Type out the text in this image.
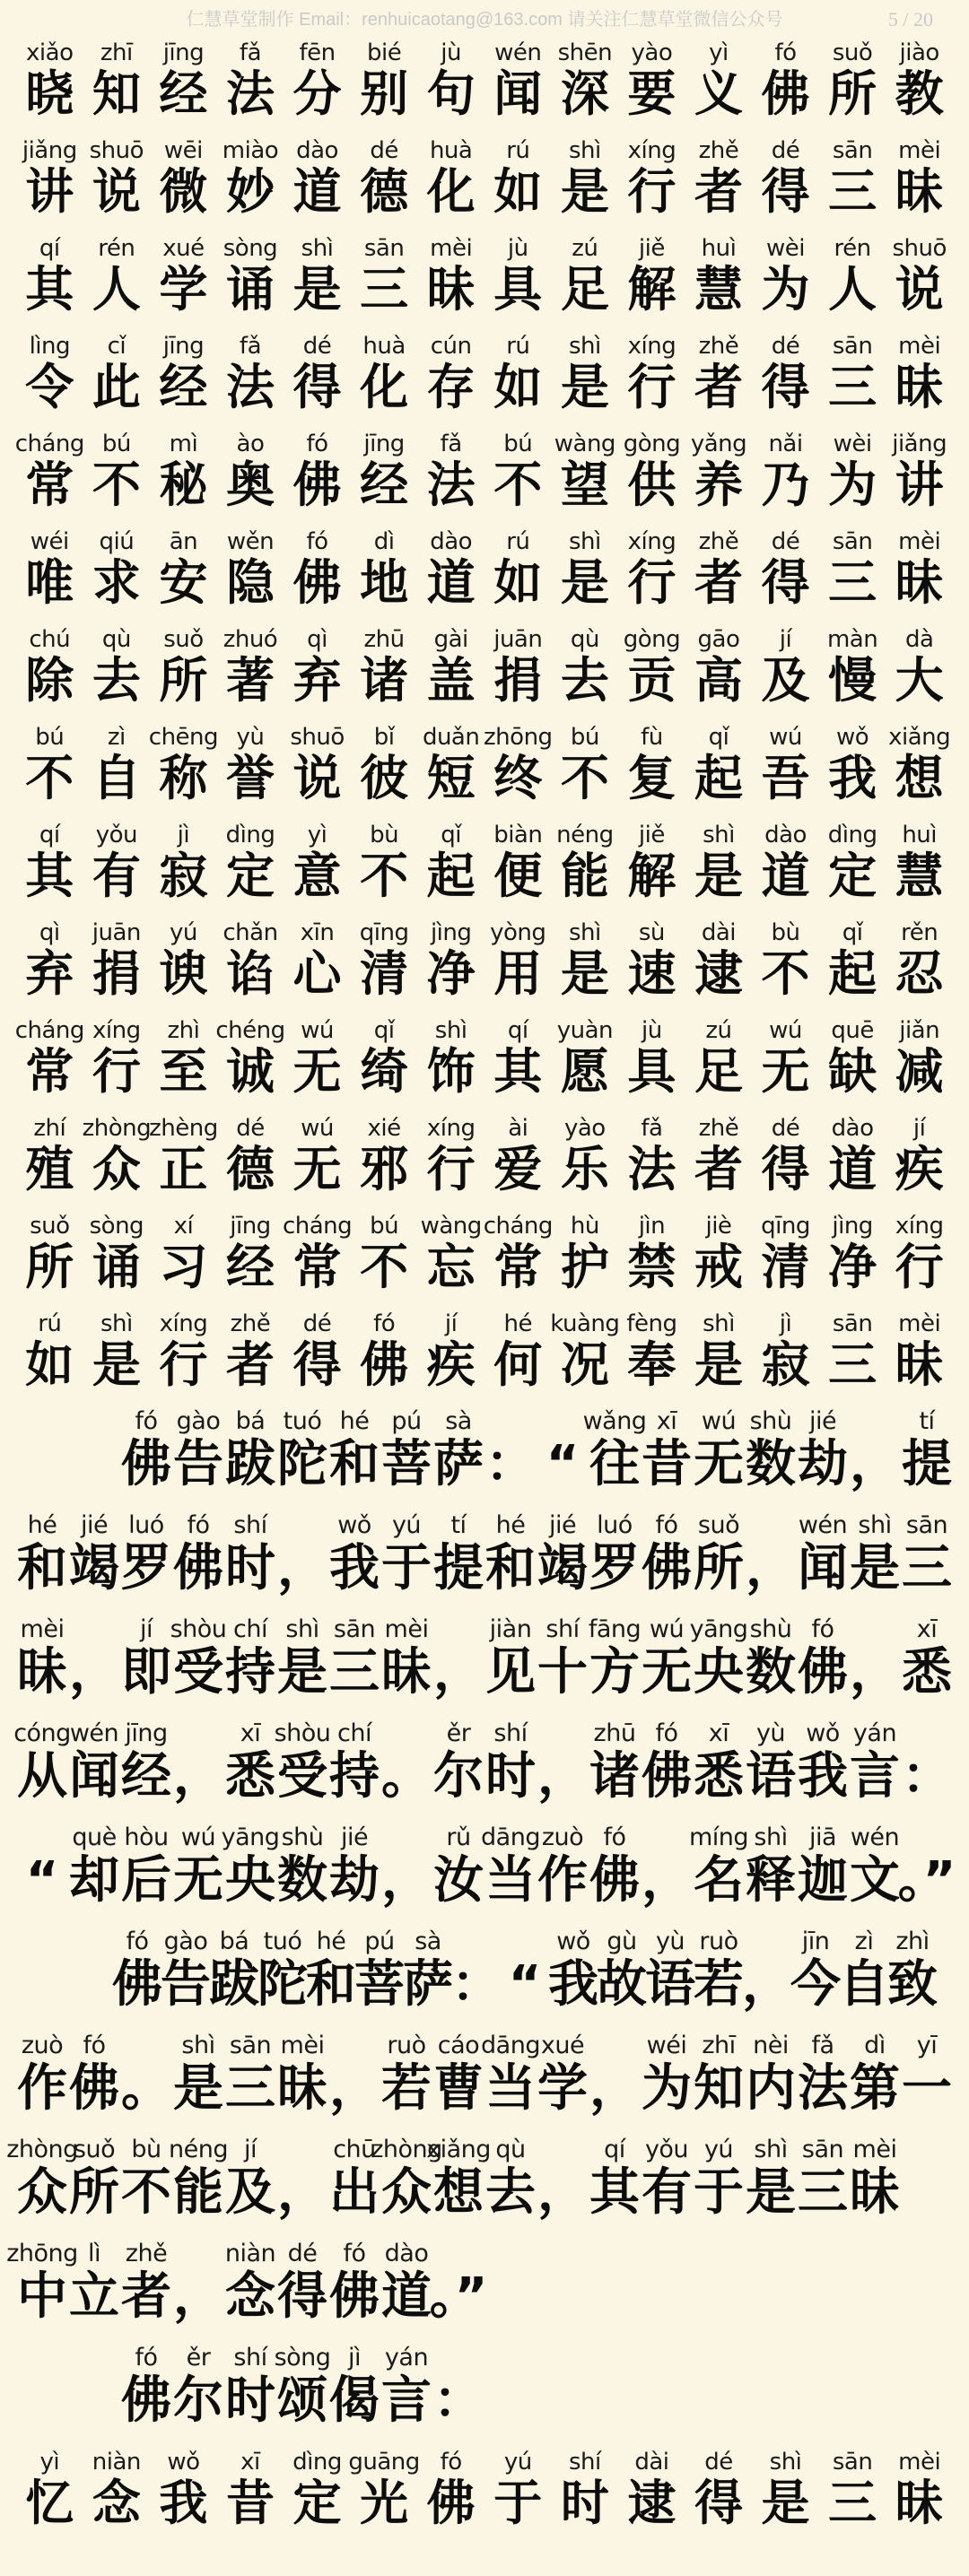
仁慧草堂制作 Email：renhuicaotang@163.com 请关注仁慧草堂微信公众号	5 / 20
xiǎo
晓
zhī
知
jīng
经
fǎ
法
fēn
分
bié
别
jù
句
wén
闻
shēn
深
yào
要
yì
义
fó
佛
suǒ
所
jiào
教
jiǎng
讲
shuō
说
wēi
微
miào
妙
dào
道
dé
德
huà
化
rú
如
shì
是
xíng
行
zhě
者
dé
得
sān
三
mèi
昧
qí
其
rén
人
xué
学
sòng
诵
shì
是
sān
三
mèi
昧
jù
具
zú
足
jiě
解
huì
慧
wèi
为
rén
人
shuō
说
lìng
令
cǐ
此
jīng
经
fǎ
法
dé
得
huà
化
cún
存
rú
如
shì
是
xíng
行
zhě
者
dé
得
sān
三
mèi
昧
cháng
常
bú
不
mì
秘
ào
奥
fó
佛
jīng
经
fǎ
法
bú
不
wàng
望
gòng
供
yǎng
养
nǎi
乃
wèi
为
jiǎng
讲
wéi
唯
qiú
求
ān
安
wěn
隐
fó
佛
dì
地
dào
道
rú
如
shì
是
xíng
行
zhě
者
dé
得
sān
三
mèi
昧
chú
除
qù
去
suǒ
所
zhuó
著
qì
弃
zhū
诸
gài
盖
juān
捐
qù
去
gòng
贡
gāo
高
jí
及
màn
慢
dà
大
bú
不
zì
自
chēng
称
yù
誉
shuō
说
bǐ
彼
duǎn
短
zhōng
终
bú
不
fù
复
qǐ
起
wú
吾
wǒ
我
xiǎng
想
qí
其
yǒu
有
jì
寂
dìng
定
yì
意
bù
不
qǐ
起
biàn
便
néng
能
jiě
解
shì
是
dào
道
dìng
定
huì
慧
qì
弃
juān
捐
yú
谀
chǎn
谄
xīn
心
qīng
清
jìng
净
yòng
用
shì
是
sù
速
dài
逮
bù
不
qǐ
起
rěn
忍
cháng
常
xíng
行
zhì
至
chéng
诚
wú
无
qǐ
绮
shì
饰
qí
其
yuàn
愿
jù
具
zú
足
wú
无
quē
缺
jiǎn
减
zhí
殖
zhòng
众
zhèng
正
dé
德
wú
无
xié
邪
xíng
行
ài
爱
yào
乐
fǎ
法
zhě
者
dé
得
dào
道
jí
疾
suǒ
所
sòng
诵
xí
习
jīng
经
cháng
常
bú
不
wàng
忘
cháng
常
hù
护
jìn
禁
jiè
戒
qīng
清
jìng
净
xíng
行
rú
如
shì
是
xíng
行
zhě
者
dé
得
fó
佛
jí
疾
hé
何
kuàng
况
fèng
奉
shì
是
jì
寂
sān
三
mèi
昧
fó
佛
gào
告
bá
跋
tuó
陀
hé
和
pú
菩
sà
萨 ： “
wǎng
往
xī
昔
wú
无
shù
数
jié
劫 ，
tí
提
hé
和
jié
竭
luó
罗
fó
佛
shí
时 ，
wǒ
我
yú
于
tí
提
hé
和
jié
竭
luó
罗
fó
佛
suǒ
所 ，
wén
闻
shì
是
sān
三
mèi
昧 ，
jí
即
shòu
受
chí
持
shì
是
sān
三
mèi
昧 ，
jiàn
见
shí
十
fāng
方
wú
无
yāng
央
shù
数
fó
佛 ，
xī
悉
cóng
从
wén
闻
jīng
经 ，
xī
悉
shòu
受
chí
持 。
ěr
尔
shí
时 ，
zhū
诸
fó
佛
xī
悉
yù
语
wǒ
我
yán
言 ：
“
què
却
hòu
后
wú
无
yāng
央
shù
数
jié
劫 ，
rǔ
汝
dāng
当
zuò
作
fó
佛 ，
míng
名
shì
释
jiā
迦
wén
文
。”
fó
佛
gào
告
bá
跋
tuó
陀
hé
和
pú
菩
sà
萨
： “
wǒ
我
gù
故
yù
语
ruò
若
，
jīn
今
zì
自
zhì
致
zuò
作
fó
佛 。
shì
是
sān
三
mèi
昧 ，
ruò
若
cáo
曹
dāng
当
xué
学 ，
wéi
为
zhī
知
nèi
内
fǎ
法
dì
第
yī
一
zhòng
众
suǒ
所
bù
不
néng
能
jí
及 ，
chū
出
zhòng
众
xiǎng
想
qù
去 ，
qí
其
yǒu
有
yú
于
shì
是
sān
三
mèi
昧
zhōng
中
lì
立
zhě
者 ，
niàn
念
dé
得
fó
佛
dào
道
。”
fó
佛
ěr
尔
shí
时
sòng
颂
jì
偈
yán
言 ：
yì
忆
niàn
念
wǒ
我
xī
昔
dìng
定
guāng
光
fó
佛
yú
于
shí
时
dài
逮
dé
得
shì
是
sān
三
mèi
昧
